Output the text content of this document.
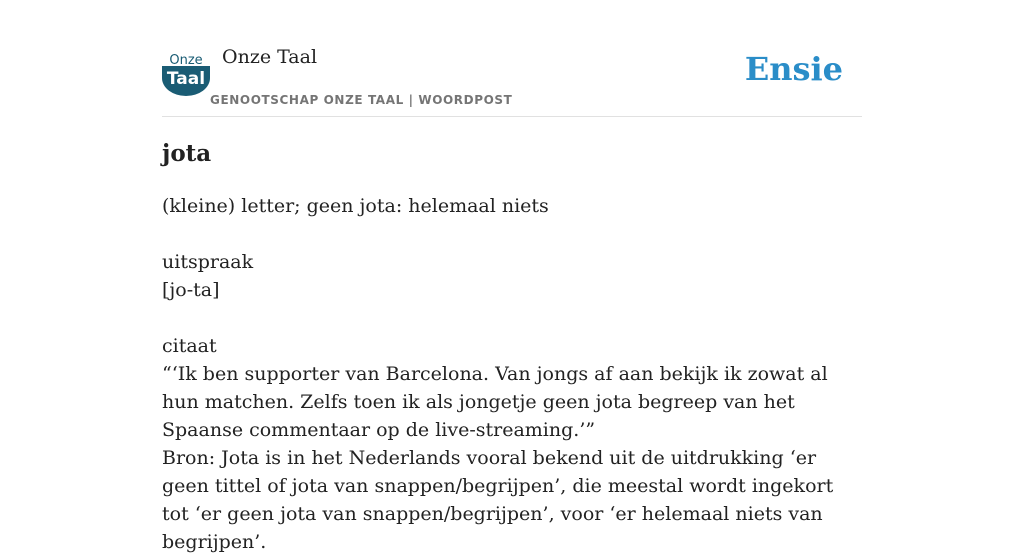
Onze
Taal
Onze Taal
GENOOTSCHAP ONZE TAAL | WOORDPOST
Ensie
jota

(kleine) letter; geen jota: helemaal niets

uitspraak

[jo-ta]

citaat

“‘Ik ben supporter van Barcelona. Van jongs af aan bekijk ik zowat al hun matchen. Zelfs toen ik als jongetje geen jota begreep van het Spaanse commentaar op de live-streaming.’”

Bron: Jota is in het Nederlands vooral bekend uit de uitdrukking ‘er geen tittel of jota van snappen/begrijpen’, die meestal wordt ingekort tot ‘er geen jota van snappen/begrijpen’, voor ‘er helemaal niets van begrijpen’.
